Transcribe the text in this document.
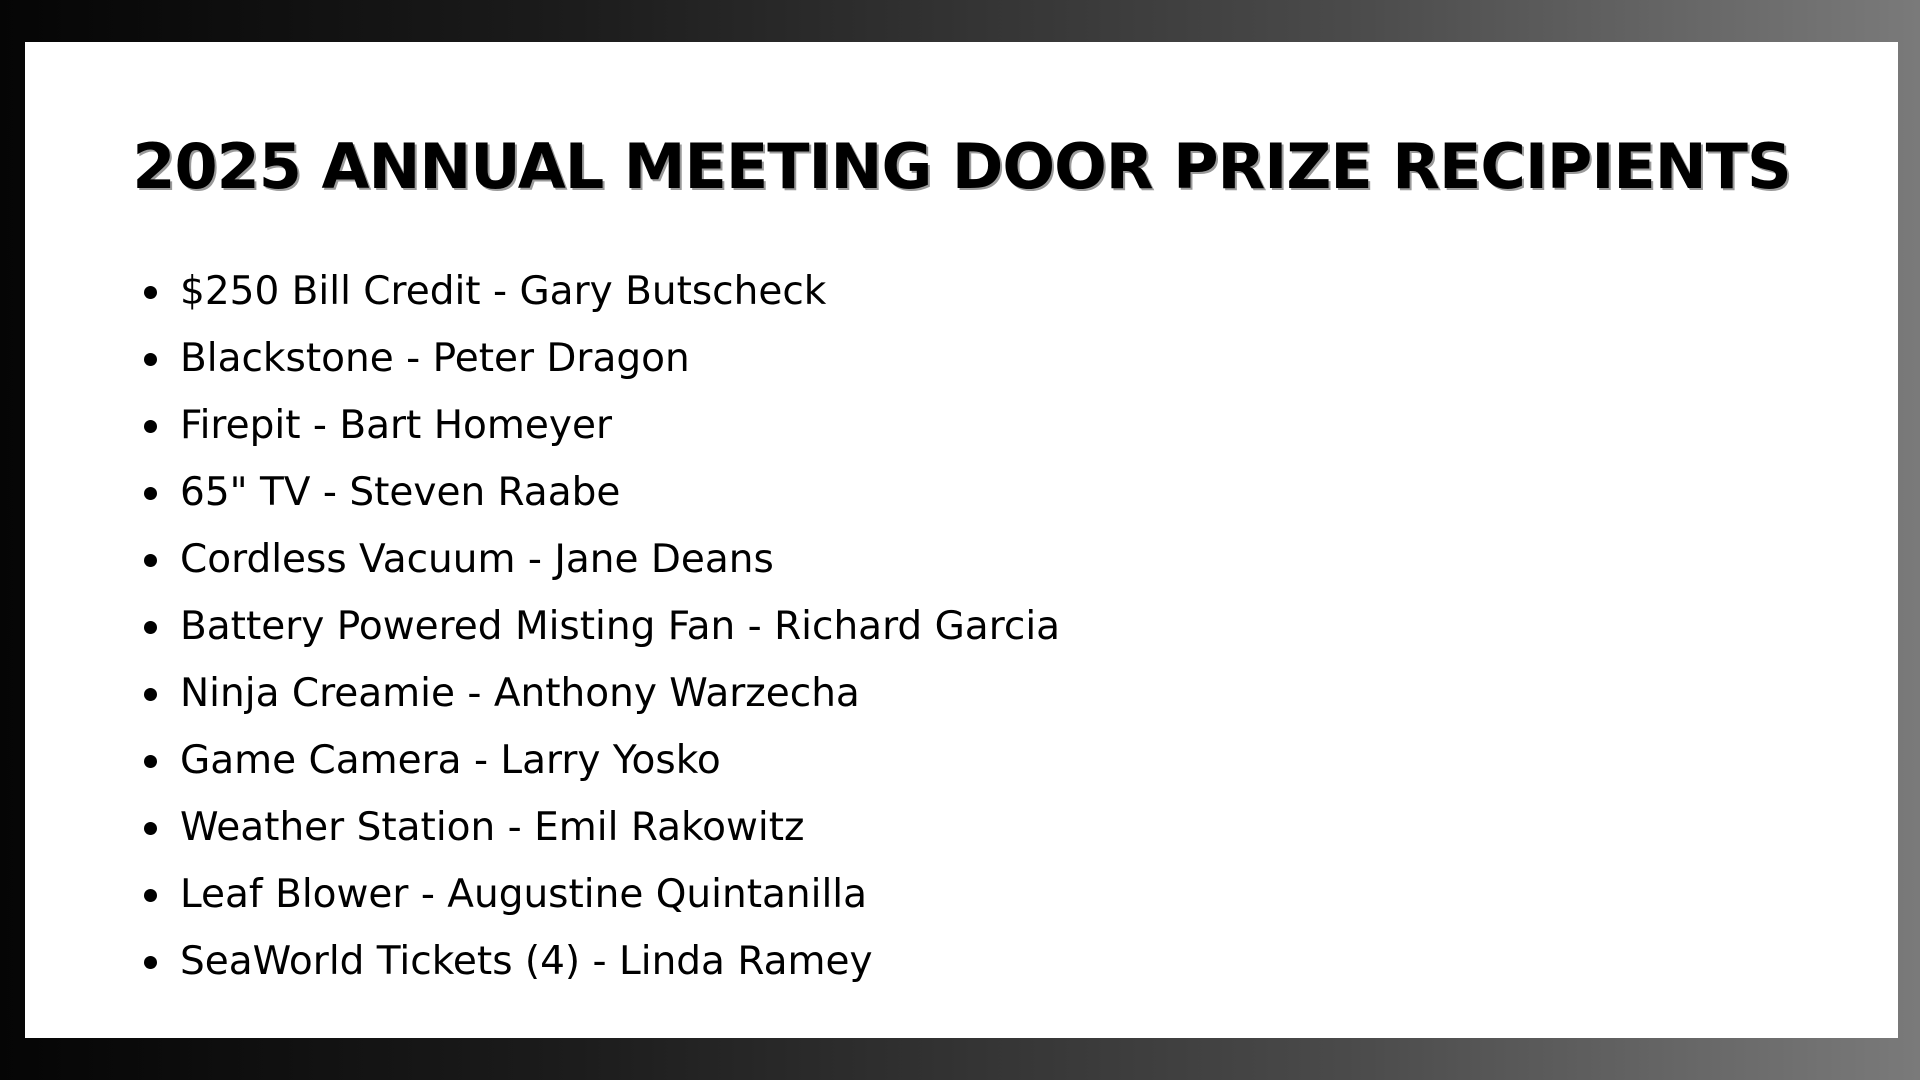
2025 ANNUAL MEETING DOOR PRIZE RECIPIENTS
$250 Bill Credit - Gary Butscheck
Blackstone - Peter Dragon
Firepit - Bart Homeyer
65" TV - Steven Raabe
Cordless Vacuum - Jane Deans
Battery Powered Misting Fan - Richard Garcia
Ninja Creamie - Anthony Warzecha
Game Camera - Larry Yosko
Weather Station - Emil Rakowitz
Leaf Blower - Augustine Quintanilla
SeaWorld Tickets (4) - Linda Ramey
